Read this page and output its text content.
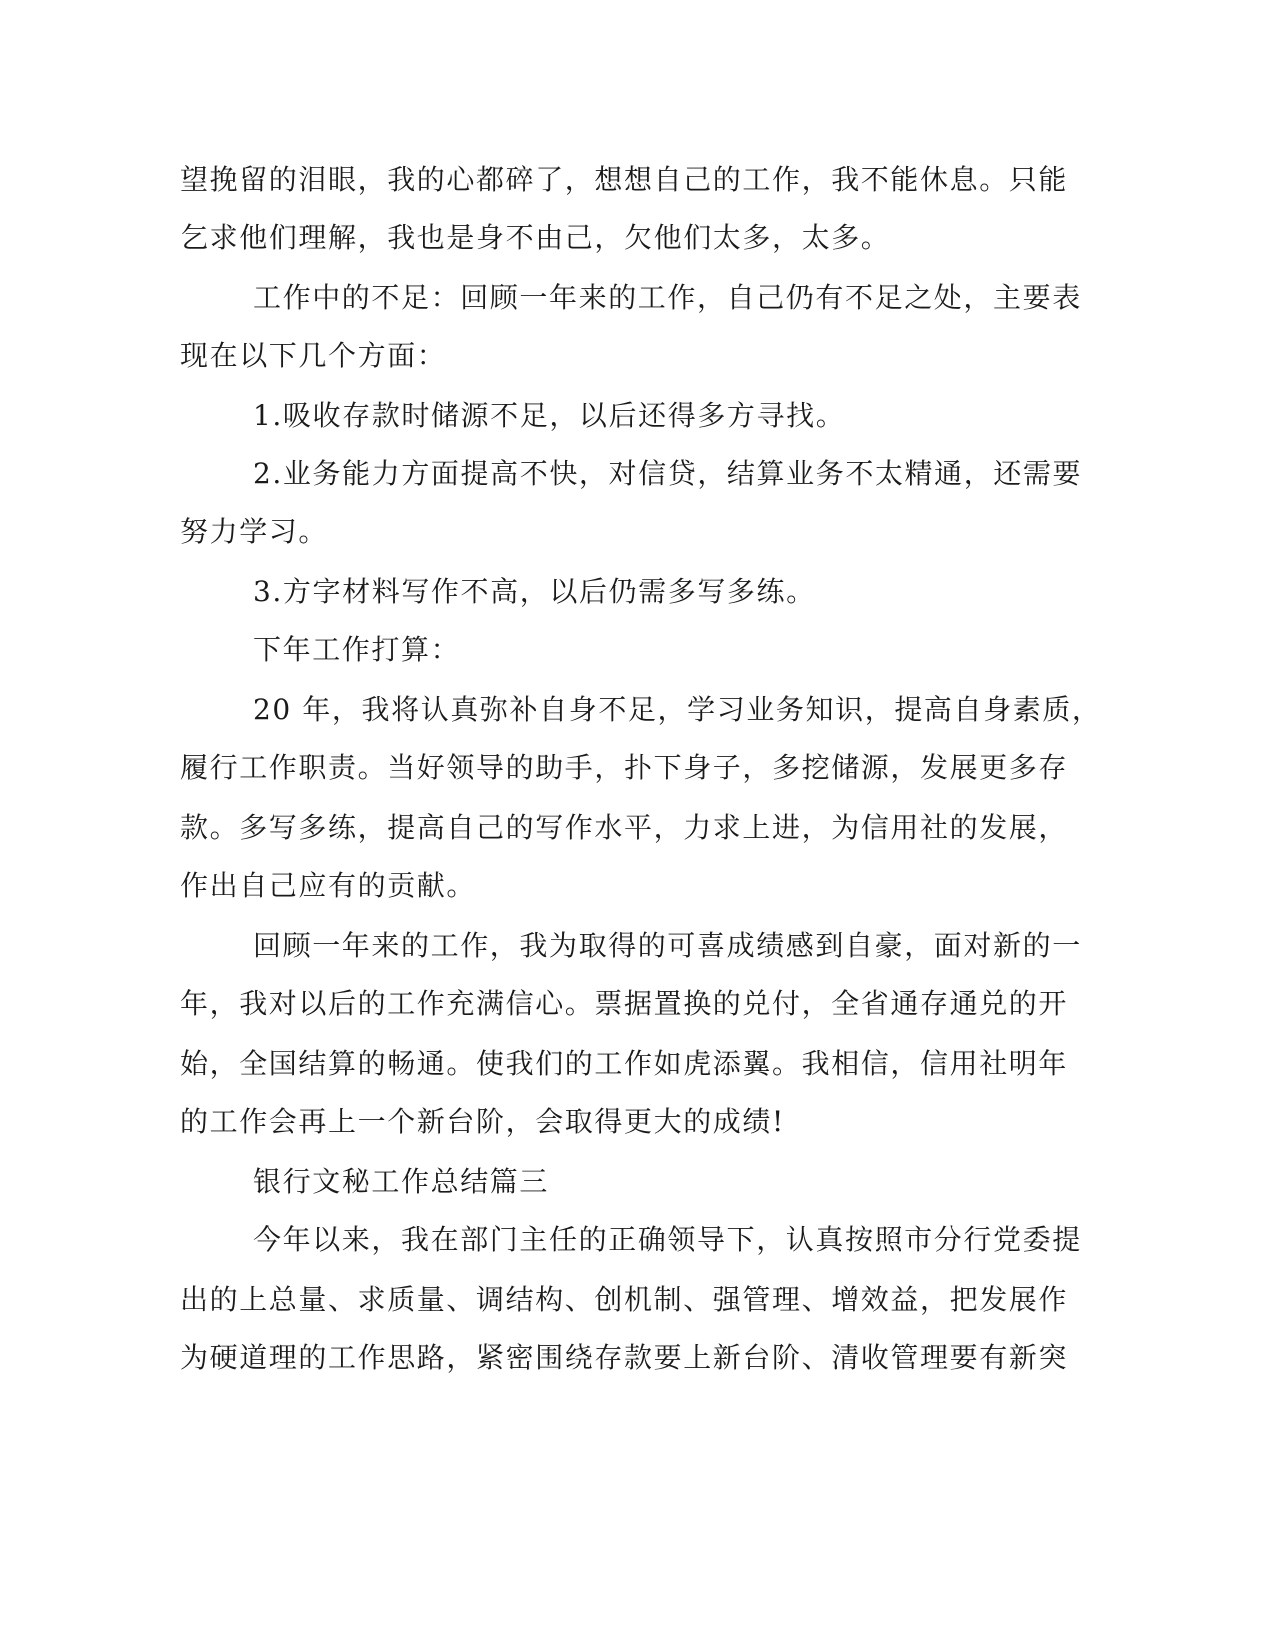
望挽留的泪眼，我的心都碎了，想想自己的工作，我不能休息。只能
乞求他们理解，我也是身不由己，欠他们太多，太多。
工作中的不足：回顾一年来的工作，自己仍有不足之处，主要表
现在以下几个方面：
1.吸收存款时储源不足，以后还得多方寻找。
2.业务能力方面提高不快，对信贷，结算业务不太精通，还需要
努力学习。
3.方字材料写作不高，以后仍需多写多练。
下年工作打算：
20 年，我将认真弥补自身不足，学习业务知识，提高自身素质，
履行工作职责。当好领导的助手，扑下身子，多挖储源，发展更多存
款。多写多练，提高自己的写作水平，力求上进，为信用社的发展，
作出自己应有的贡献。
回顾一年来的工作，我为取得的可喜成绩感到自豪，面对新的一
年，我对以后的工作充满信心。票据置换的兑付，全省通存通兑的开
始，全国结算的畅通。使我们的工作如虎添翼。我相信，信用社明年
的工作会再上一个新台阶，会取得更大的成绩!
银行文秘工作总结篇三
今年以来，我在部门主任的正确领导下，认真按照市分行党委提
出的上总量、求质量、调结构、创机制、强管理、增效益，把发展作
为硬道理的工作思路，紧密围绕存款要上新台阶、清收管理要有新突
